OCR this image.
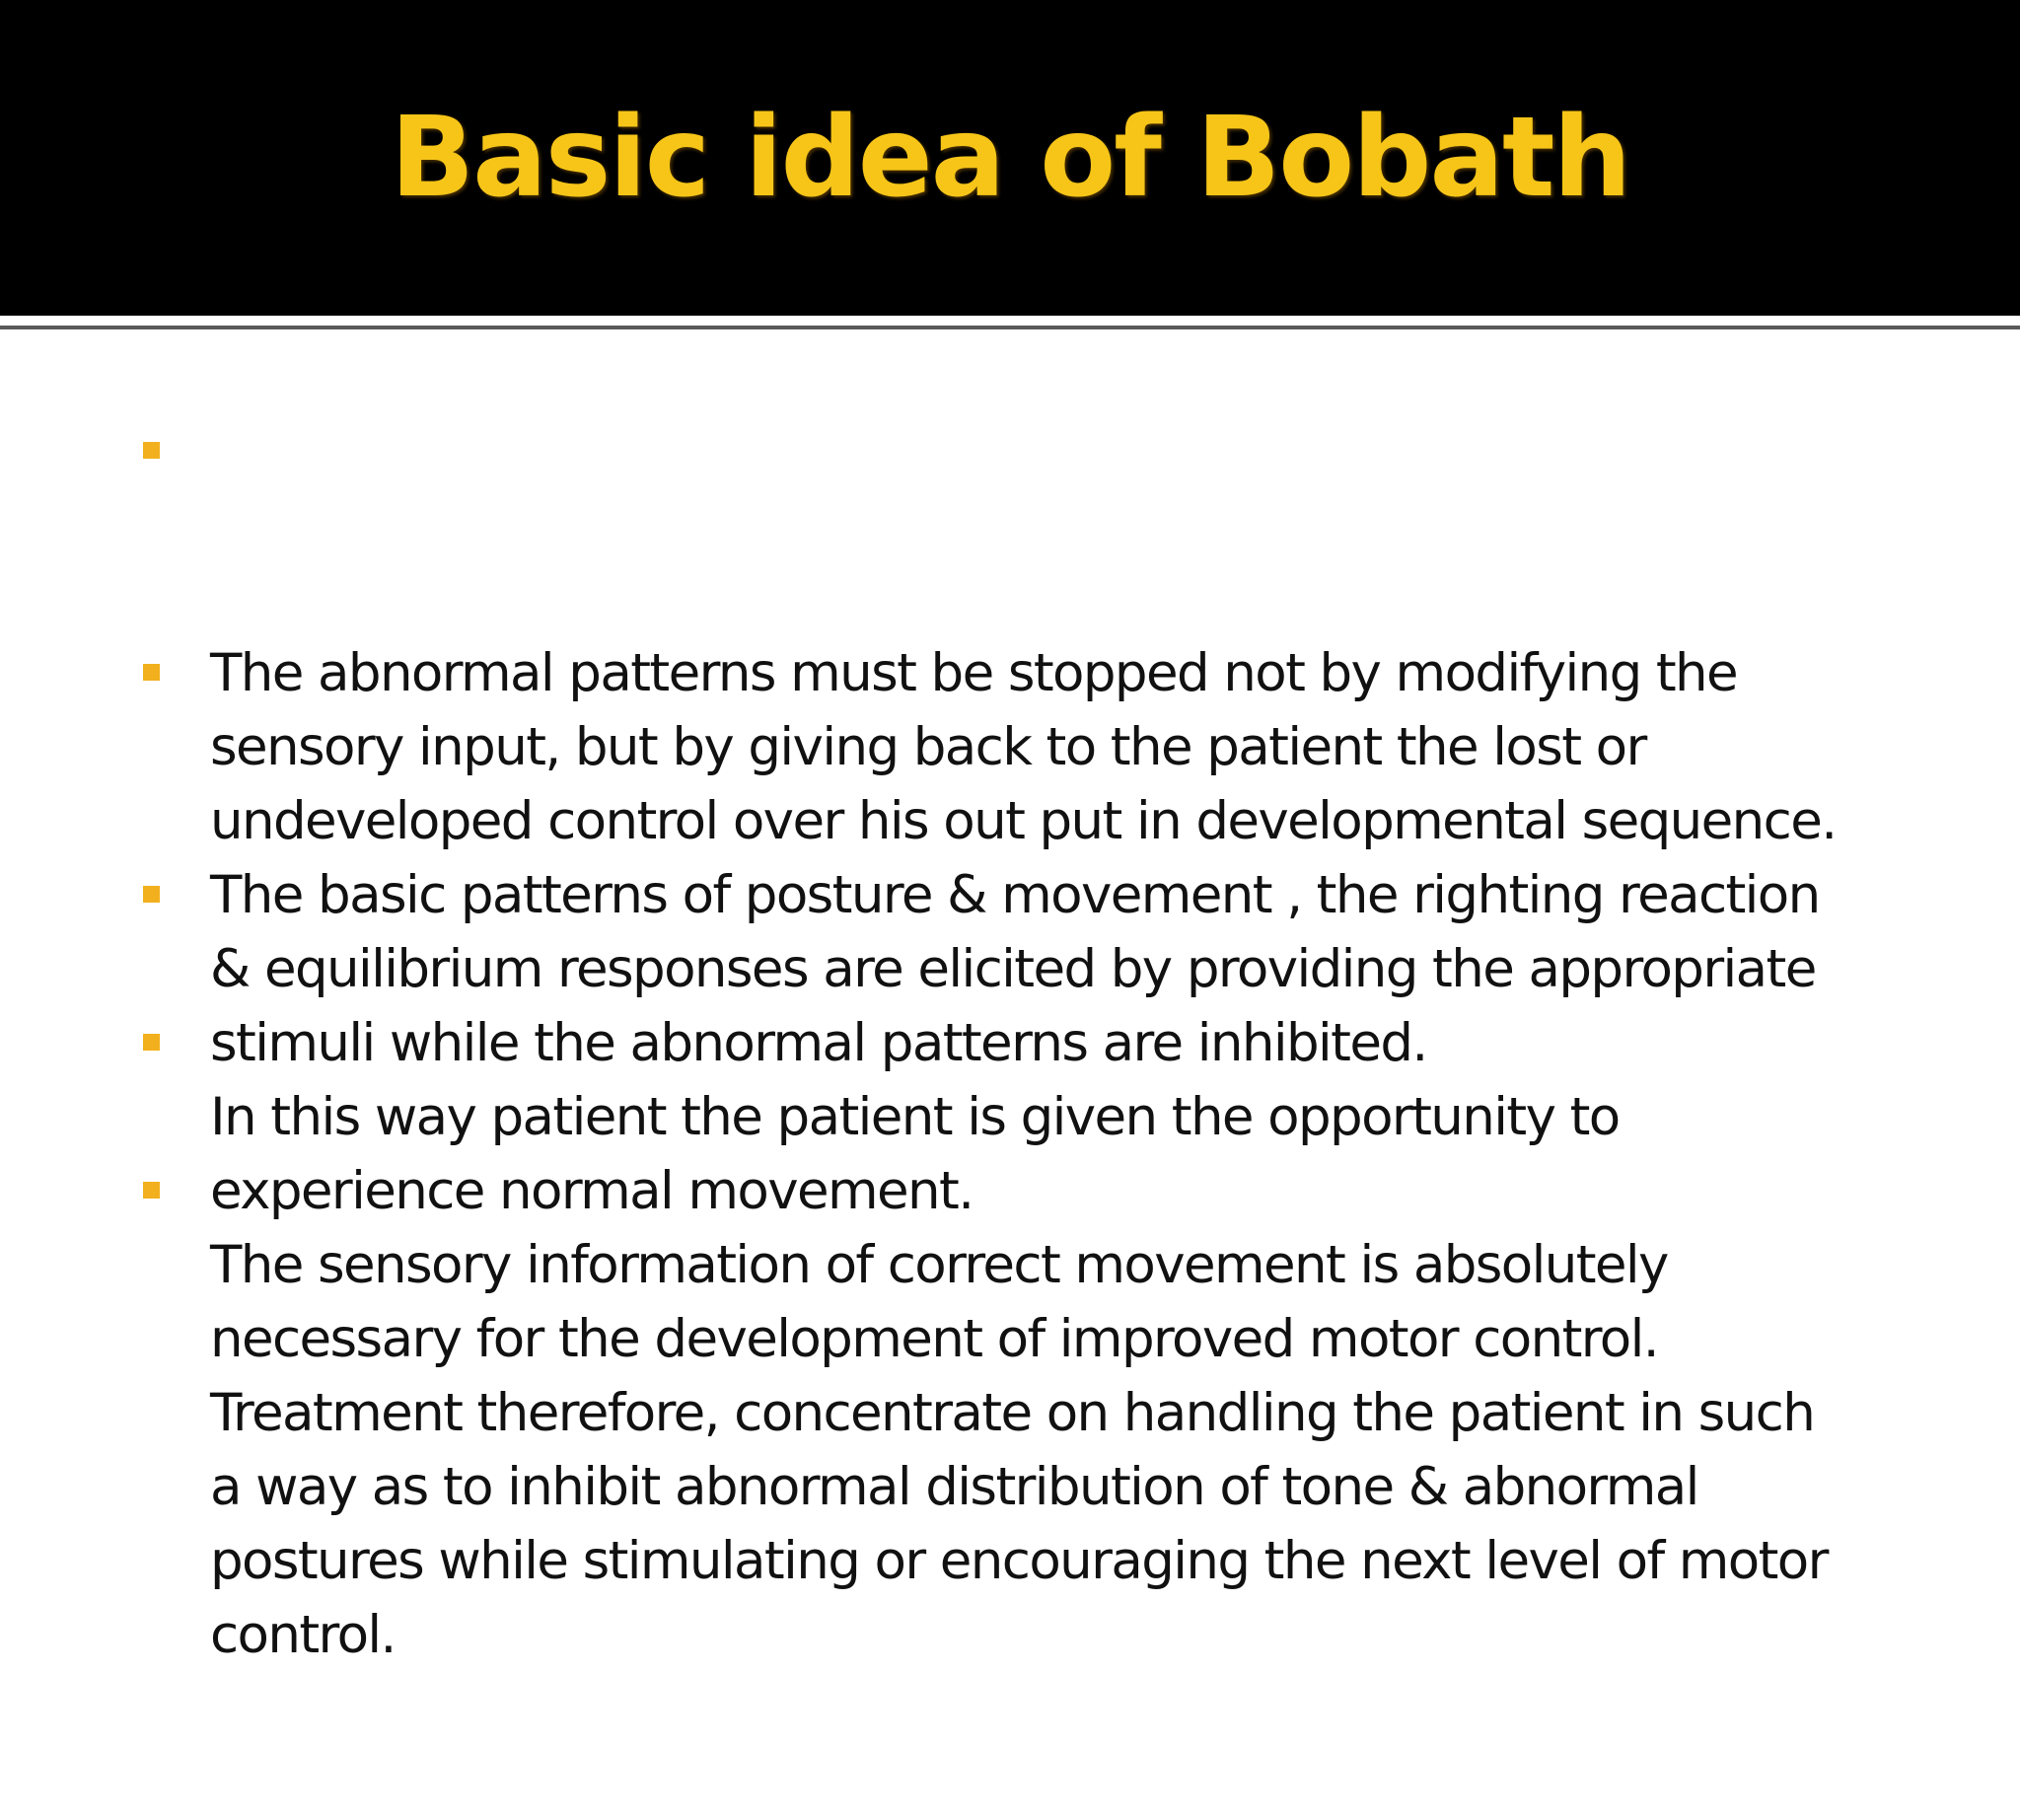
Basic idea of Bobath

The abnormal patterns must be stopped not by modifying the
sensory input, but by giving back to the patient the lost or
undeveloped control over his out put in developmental sequence.

The basic patterns of posture & movement , the righting reaction
& equilibrium responses are elicited by providing the appropriate
stimuli while the abnormal patterns are inhibited.

In this way patient the patient is given the opportunity to
experience normal movement.

The sensory information of correct movement is absolutely
necessary for the development of improved motor control.

Treatment therefore, concentrate on handling the patient in such
a way as to inhibit abnormal distribution of tone & abnormal
postures while stimulating or encouraging the next level of motor
control.
